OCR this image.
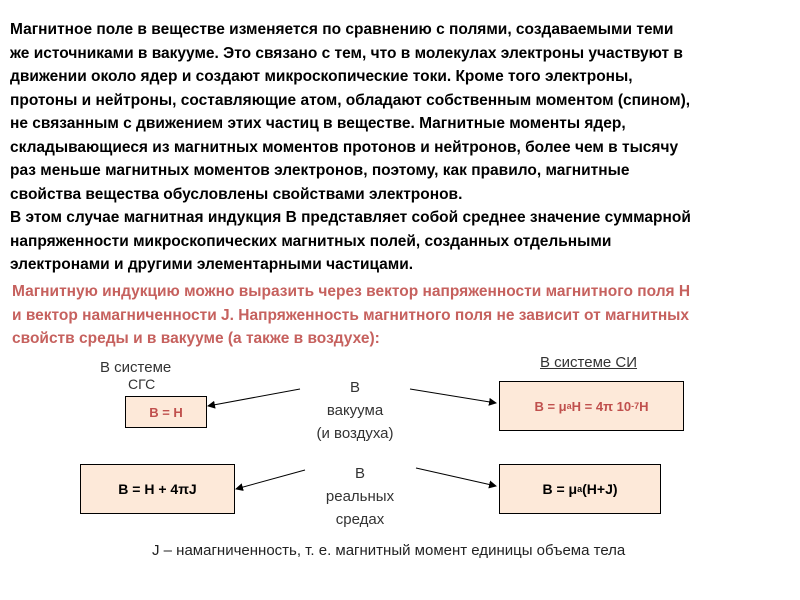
Магнитное поле в веществе изменяется по сравнению с полями, создаваемыми теми

же источниками в вакууме. Это связано с тем, что в молекулах электроны участвуют в

движении около ядер и создают микроскопические токи. Кроме того электроны,

протоны и нейтроны, составляющие атом, обладают собственным моментом (спином),

не связанным с движением этих частиц в веществе. Магнитные моменты ядер,

складывающиеся из магнитных моментов протонов и нейтронов, более чем в тысячу

раз меньше магнитных моментов электронов, поэтому, как правило, магнитные

свойства вещества обусловлены свойствами электронов.

В этом случае магнитная индукция В представляет собой среднее значение суммарной

напряженности микроскопических магнитных полей, созданных отдельными

электронами и другими элементарными частицами.

Магнитную индукцию можно выразить через вектор напряженности магнитного поля Н

и вектор намагниченности J. Напряженность магнитного поля не зависит от магнитных

свойств среды и в вакууме (а также в воздухе):

В системе
СГС
В системе СИ
В
вакуума
(и воздуха)
В
реальных
средах
В = Н	В = μ a Н = 4π 10 -7 Н
В = Н + 4πJ	В = μ a (Н+J)
J – намагниченность, т. е. магнитный момент единицы объема тела
